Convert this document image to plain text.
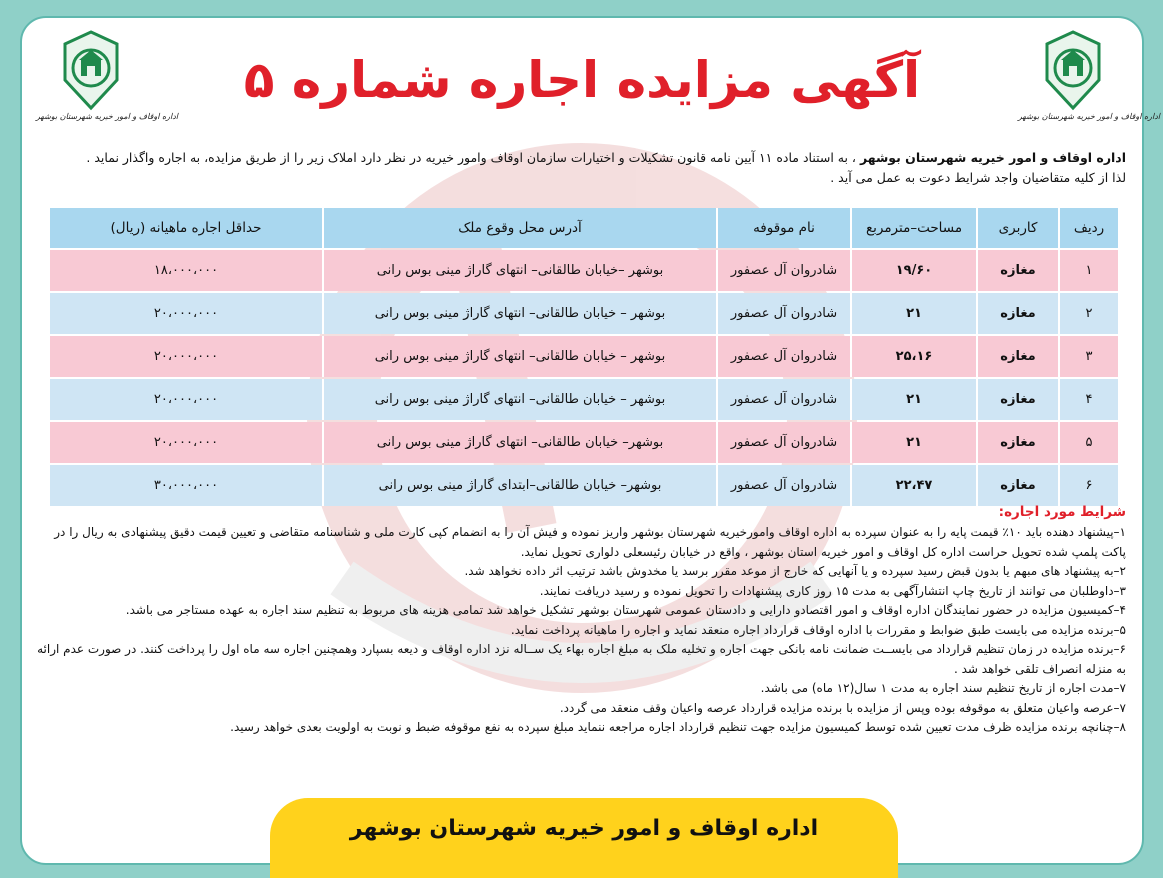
اداره اوقاف و امور خیریه شهرستان بوشهر
اداره اوقاف و امور خیریه شهرستان بوشهر
آگهی مزایده اجاره شماره ۵
اداره اوقاف و امور خیریه شهرستان بوشهر ، به استناد ماده ۱۱ آیین نامه قانون تشکیلات و اختیارات سازمان اوقاف وامور خیریه در نظر دارد املاک زیر را از طریق مزایده، به اجاره واگذار نماید .
لذا از کلیه متقاضیان واجد شرایط دعوت به عمل می آید .
ردیف	کاربری	مساحت–مترمربع	نام موقوفه	آدرس محل وقوع ملک	حداقل اجاره ماهیانه (ریال)
۱	مغازه	۱۹/۶۰	شادروان آل عصفور	بوشهر –خیابان طالقانی– انتهای گاراژ مینی بوس رانی	۱۸،۰۰۰،۰۰۰
۲	مغازه	۲۱	شادروان آل عصفور	بوشهر – خیابان طالقانی– انتهای گاراژ مینی بوس رانی	۲۰،۰۰۰،۰۰۰
۳	مغازه	۲۵،۱۶	شادروان آل عصفور	بوشهر – خیابان طالقانی– انتهای گاراژ مینی بوس رانی	۲۰،۰۰۰،۰۰۰
۴	مغازه	۲۱	شادروان آل عصفور	بوشهر – خیابان طالقانی– انتهای گاراژ مینی بوس رانی	۲۰،۰۰۰،۰۰۰
۵	مغازه	۲۱	شادروان آل عصفور	بوشهر– خیابان طالقانی– انتهای گاراژ مینی بوس رانی	۲۰،۰۰۰،۰۰۰
۶	مغازه	۲۲،۴۷	شادروان آل عصفور	بوشهر– خیابان طالقانی–ابتدای گاراژ مینی بوس رانی	۳۰،۰۰۰،۰۰۰
شرایط مورد اجاره:

۱–پیشنهاد دهنده باید ۱۰٪ قیمت پایه را به عنوان سپرده به اداره اوقاف وامورخیریه شهرستان بوشهر واریز نموده و فیش آن را به انضمام کپی کارت ملی و شناسنامه متقاضی و تعیین قیمت دقیق پیشنهادی به ریال را در پاکت پلمپ شده تحویل حراست اداره کل اوقاف و امور خیریه استان بوشهر ، واقع در خیابان رئیسعلی دلواری تحویل نماید.

۲–به پیشنهاد های مبهم یا بدون قبض رسید سپرده و یا آنهایی که خارج از موعد مقرر برسد یا مخدوش باشد ترتیب اثر داده نخواهد شد.

۳–داوطلبان می توانند از تاریخ چاپ انتشارآگهی به مدت ۱۵ روز کاری پیشنهادات را تحویل نموده و رسید دریافت نمایند.

۴–کمیسیون مزایده در حضور نمایندگان اداره اوقاف و امور اقتصادو دارایی و دادستان عمومی شهرستان بوشهر تشکیل خواهد شد تمامی هزینه های مربوط به تنظیم سند اجاره به عهده مستاجر می باشد.

۵–برنده مزایده می بایست طبق ضوابط و مقررات با اداره اوقاف قرارداد اجاره منعقد نماید و اجاره را ماهیانه پرداخت نماید.

۶–برنده مزایده در زمان تنظیم قرارداد می بایســت ضمانت نامه بانکی جهت اجاره و تخلیه ملک به مبلغ اجاره بهاء یک ســاله نزد اداره اوقاف و دیعه بسپارد وهمچنین اجاره سه ماه اول را پرداخت کنند. در صورت عدم ارائه به منزله انصراف تلقی خواهد شد .

۷–مدت اجاره از تاریخ تنظیم سند اجاره به مدت ۱ سال(۱۲ ماه) می باشد.

۷–عرصه واعیان متعلق به موقوفه بوده وپس از مزایده با برنده مزایده قرارداد عرصه واعیان وقف منعقد می گردد.

۸–چنانچه برنده مزایده ظرف مدت تعیین شده توسط کمیسیون مزایده جهت تنظیم قرارداد اجاره مراجعه ننماید مبلغ سپرده به نفع موقوفه ضبط و نوبت به اولویت بعدی خواهد رسید.

اداره اوقاف و امور خیریه شهرستان بوشهر
